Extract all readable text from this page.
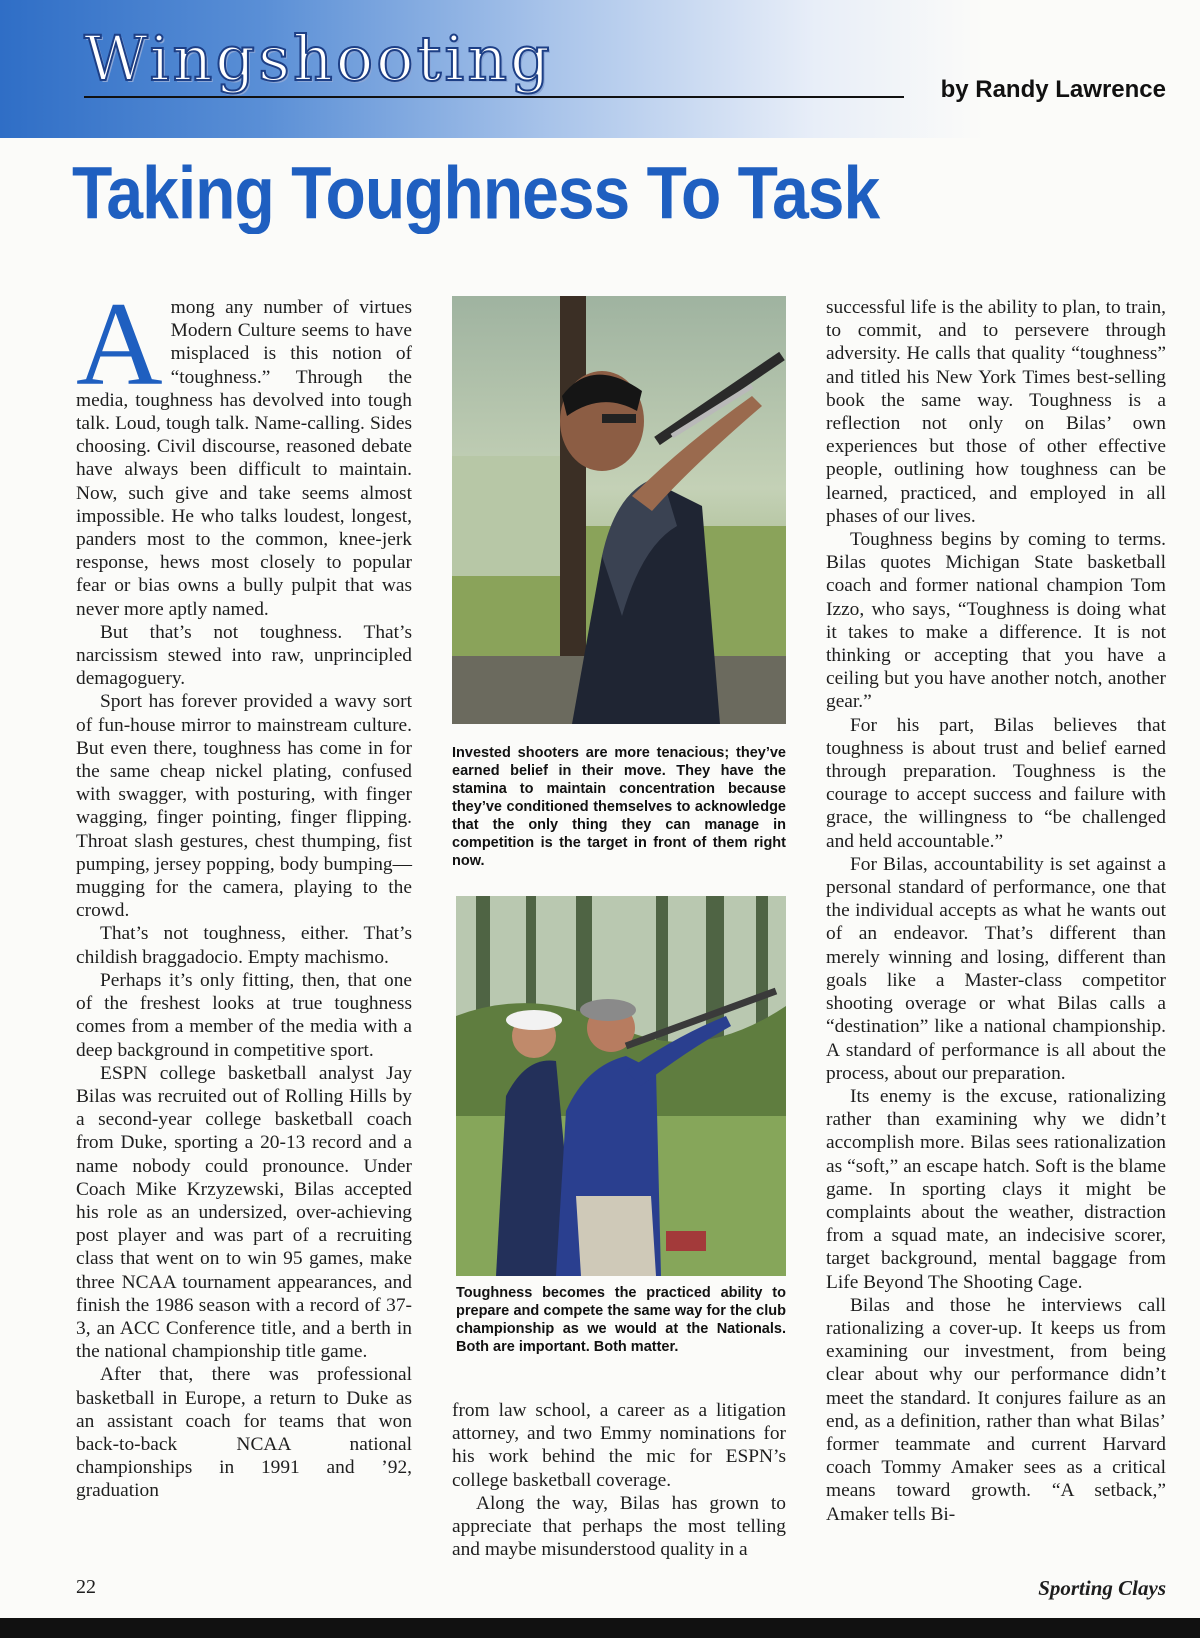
Wingshooting	by Randy Lawrence
Taking Toughness To Task

Among any number of virtues Modern Culture seems to have misplaced is this notion of “toughness.” Through the media, toughness has devolved into tough talk. Loud, tough talk. Name-calling. Sides choosing. Civil discourse, reasoned debate have always been difficult to maintain. Now, such give and take seems almost impossible. He who talks loudest, longest, panders most to the common, knee-jerk response, hews most closely to popular fear or bias owns a bully pulpit that was never more aptly named.

But that’s not toughness. That’s narcissism stewed into raw, unprincipled demagoguery.

Sport has forever provided a wavy sort of fun-house mirror to mainstream culture. But even there, toughness has come in for the same cheap nickel plating, confused with swagger, with posturing, with finger wagging, finger pointing, finger flipping. Throat slash gestures, chest thumping, fist pumping, jersey popping, body bumping—mugging for the camera, playing to the crowd.

That’s not toughness, either. That’s childish braggadocio. Empty machismo.

Perhaps it’s only fitting, then, that one of the freshest looks at true toughness comes from a member of the media with a deep background in competitive sport.

ESPN college basketball analyst Jay Bilas was recruited out of Rolling Hills by a second-year college basketball coach from Duke, sporting a 20-13 record and a name nobody could pronounce. Under Coach Mike Krzyzewski, Bilas accepted his role as an undersized, over-achieving post player and was part of a recruiting class that went on to win 95 games, make three NCAA tournament appearances, and finish the 1986 season with a record of 37-3, an ACC Conference title, and a berth in the national championship title game.

After that, there was professional basketball in Europe, a return to Duke as an assistant coach for teams that won back-to-back NCAA national championships in 1991 and ’92, graduation

Invested shooters are more tenacious; they’ve earned belief in their move. They have the stamina to maintain concentration because they’ve conditioned themselves to acknowledge that the only thing they can manage in competition is the target in front of them right now.
Toughness becomes the practiced ability to prepare and compete the same way for the club championship as we would at the Nationals. Both are important. Both matter.

from law school, a career as a litigation attorney, and two Emmy nominations for his work behind the mic for ESPN’s college basketball coverage.

Along the way, Bilas has grown to appreciate that perhaps the most telling and maybe misunderstood quality in a

successful life is the ability to plan, to train, to commit, and to persevere through adversity. He calls that quality “toughness” and titled his New York Times best-selling book the same way. Toughness is a reflection not only on Bilas’ own experiences but those of other effective people, outlining how toughness can be learned, practiced, and employed in all phases of our lives.

Toughness begins by coming to terms. Bilas quotes Michigan State basketball coach and former national champion Tom Izzo, who says, “Toughness is doing what it takes to make a difference. It is not thinking or accepting that you have a ceiling but you have another notch, another gear.”

For his part, Bilas believes that toughness is about trust and belief earned through preparation. Toughness is the courage to accept success and failure with grace, the willingness to “be challenged and held accountable.”

For Bilas, accountability is set against a personal standard of performance, one that the individual accepts as what he wants out of an endeavor. That’s different than merely winning and losing, different than goals like a Master-class competitor shooting overage or what Bilas calls a “destination” like a national championship. A standard of performance is all about the process, about our preparation.

Its enemy is the excuse, rationalizing rather than examining why we didn’t accomplish more. Bilas sees rationalization as “soft,” an escape hatch. Soft is the blame game. In sporting clays it might be complaints about the weather, distraction from a squad mate, an indecisive scorer, target background, mental baggage from Life Beyond The Shooting Cage.

Bilas and those he interviews call rationalizing a cover-up. It keeps us from examining our investment, from being clear about why our performance didn’t meet the standard. It conjures failure as an end, as a definition, rather than what Bilas’ former teammate and current Harvard coach Tommy Amaker sees as a critical means toward growth. “A setback,” Amaker tells Bi-

22	Sporting Clays
